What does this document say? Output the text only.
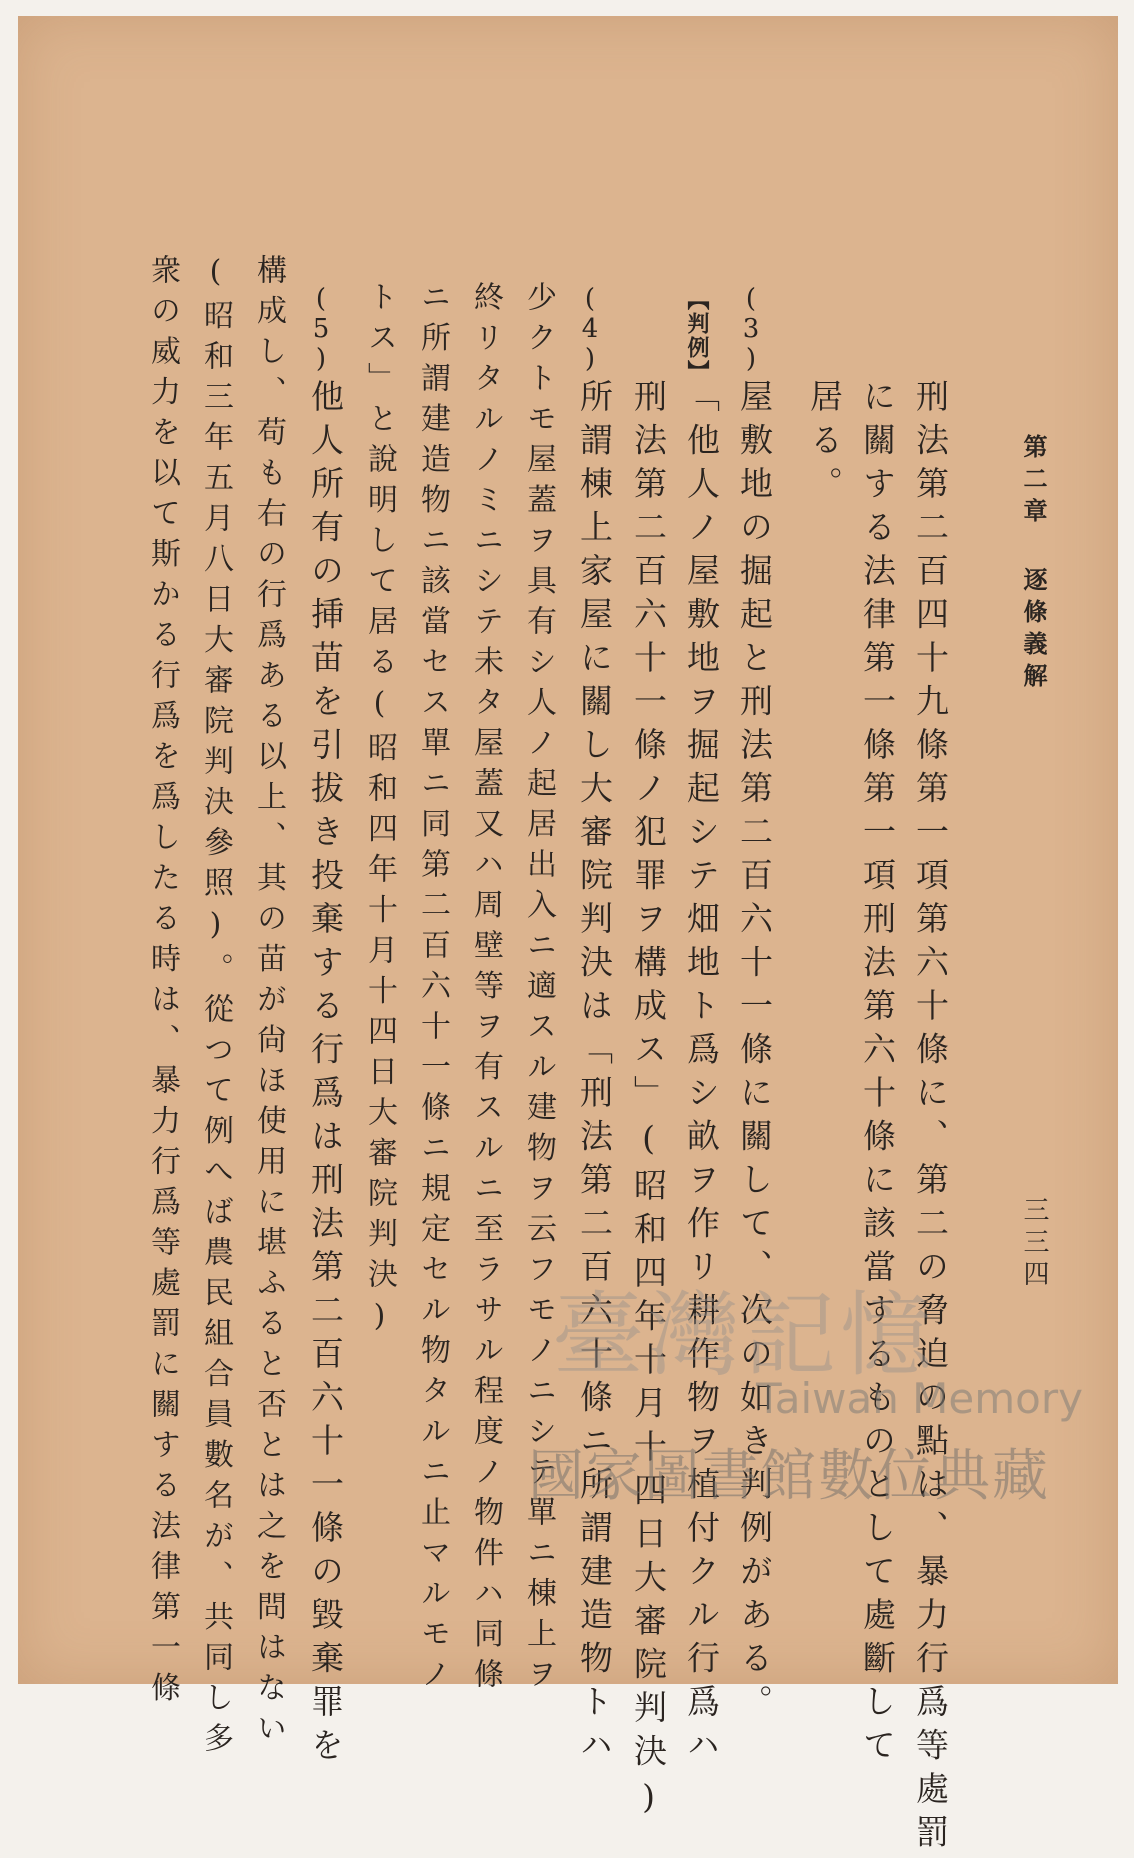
第二章 逐條義解
三三四
刑法第二百四十九條第一項第六十條に、第二の脅迫の點は、暴力行爲等處罰
に關する法律第一條第一項刑法第六十條に該當するものとして處斷して
居る。
(3)
屋敷地の掘起と刑法第二百六十一條に關して、次の如き判例がある。
【判例】
「他人ノ屋敷地ヲ掘起シテ畑地ト爲シ畝ヲ作リ耕作物ヲ植付クル行爲ハ
刑法第二百六十一條ノ犯罪ヲ構成ス」(昭和四年十月十四日大審院判決)
(4)
所謂棟上家屋に關し大審院判決は「刑法第二百六十條ニ所謂建造物トハ
少クトモ屋蓋ヲ具有シ人ノ起居出入ニ適スル建物ヲ云フモノニシテ單ニ棟上ヲ
終リタルノミニシテ未タ屋蓋又ハ周壁等ヲ有スルニ至ラサル程度ノ物件ハ同條
ニ所謂建造物ニ該當セス單ニ同第二百六十一條ニ規定セル物タルニ止マルモノ
トス」と說明して居る(昭和四年十月十四日大審院判決)
(5)
他人所有の挿苗を引拔き投棄する行爲は刑法第二百六十一條の毀棄罪を
構成し、苟も右の行爲ある以上、其の苗が尙ほ使用に堪ふると否とは之を問はない
(昭和三年五月八日大審院判決參照)。從つて例へば農民組合員數名が、共同し多
衆の威力を以て斯かる行爲を爲したる時は、暴力行爲等處罰に關する法律第一條	臺灣記憶
Taiwan Memory
國家圖書館數位典藏
